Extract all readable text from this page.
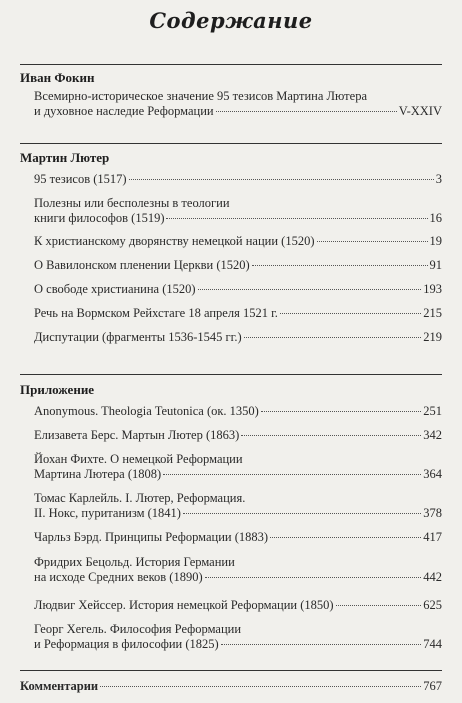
Содержание
Иван Фокин
Всемирно-историческое значение 95 тезисов Мартина Лютера
и духовное наследие Реформации	V-XXIV
Мартин Лютер
95 тезисов (1517)	3
Полезны или бесполезны в теологии
книги философов (1519)	16
К христианскому дворянству немецкой нации (1520)	19
О Вавилонском пленении Церкви (1520)	91
О свободе христианина (1520)	193
Речь на Вормском Рейхстаге 18 апреля 1521 г.	215
Диспутации (фрагменты 1536-1545 гг.)	219
Приложение
Anonymous. Theologia Teutonica (ок. 1350)	251
Елизавета Берс. Мартын Лютер (1863)	342
Йохан Фихте. О немецкой Реформации
Мартина Лютера (1808)	364
Томас Карлейль. I. Лютер, Реформация.
II. Нокс, пуританизм (1841)	378
Чарльз Бэрд. Принципы Реформации (1883)	417
Фридрих Бецольд. История Германии
на исходе Средних веков (1890)	442
Людвиг Хейссер. История немецкой Реформации (1850)	625
Георг Хегель. Философия Реформации
и Реформация в философии (1825)	744
Комментарии	767
